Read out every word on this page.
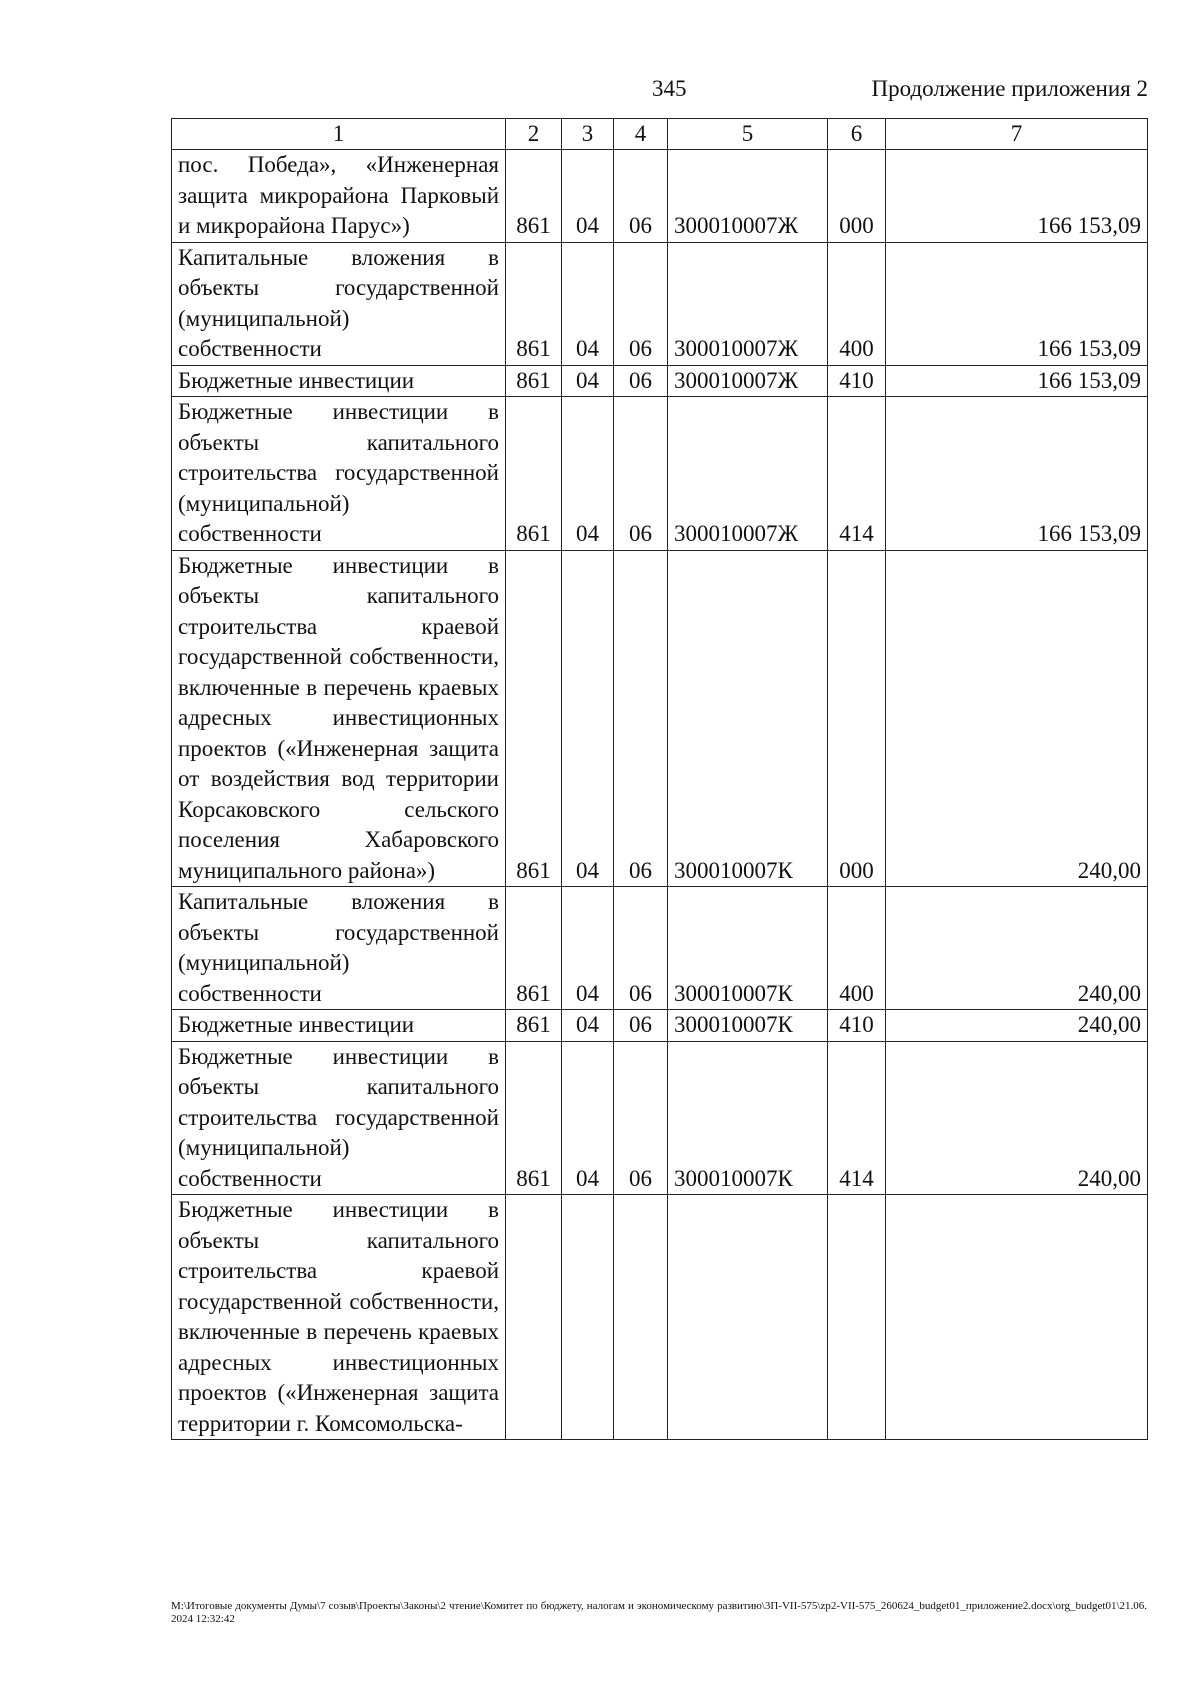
345	Продолжение приложения 2
1	2	3	4	5	6	7
пос. Победа», «Инженерная защита микрорайона Парковый и микрорайона Парус»)	861	04	06	300010007Ж	000	166 153,09
Капитальные вложения в объекты государственной (муниципальной) собственности	861	04	06	300010007Ж	400	166 153,09
Бюджетные инвестиции	861	04	06	300010007Ж	410	166 153,09
Бюджетные инвестиции в объекты капитального строительства государственной (муниципальной) собственности	861	04	06	300010007Ж	414	166 153,09
Бюджетные инвестиции в объекты капитального строительства краевой государственной собственности, включенные в перечень краевых адресных инвестиционных проектов («Инженерная защита от воздействия вод территории Корсаковского сельского поселения Хабаровского муниципального района»)	861	04	06	300010007К	000	240,00
Капитальные вложения в объекты государственной (муниципальной) собственности	861	04	06	300010007К	400	240,00
Бюджетные инвестиции	861	04	06	300010007К	410	240,00
Бюджетные инвестиции в объекты капитального строительства государственной (муниципальной) собственности	861	04	06	300010007К	414	240,00
Бюджетные инвестиции в объекты капитального строительства краевой государственной собственности, включенные в перечень краевых адресных инвестиционных проектов («Инженерная защита территории г. Комсомольска-						
M:\Итоговые документы Думы\7 созыв\Проекты\Законы\2 чтение\Комитет по бюджету, налогам и экономическому развитию\3П-VII-575\zp2-VII-575_260624_budget01_приложение2.docx\org_budget01\21.06.2024 12:32:42
